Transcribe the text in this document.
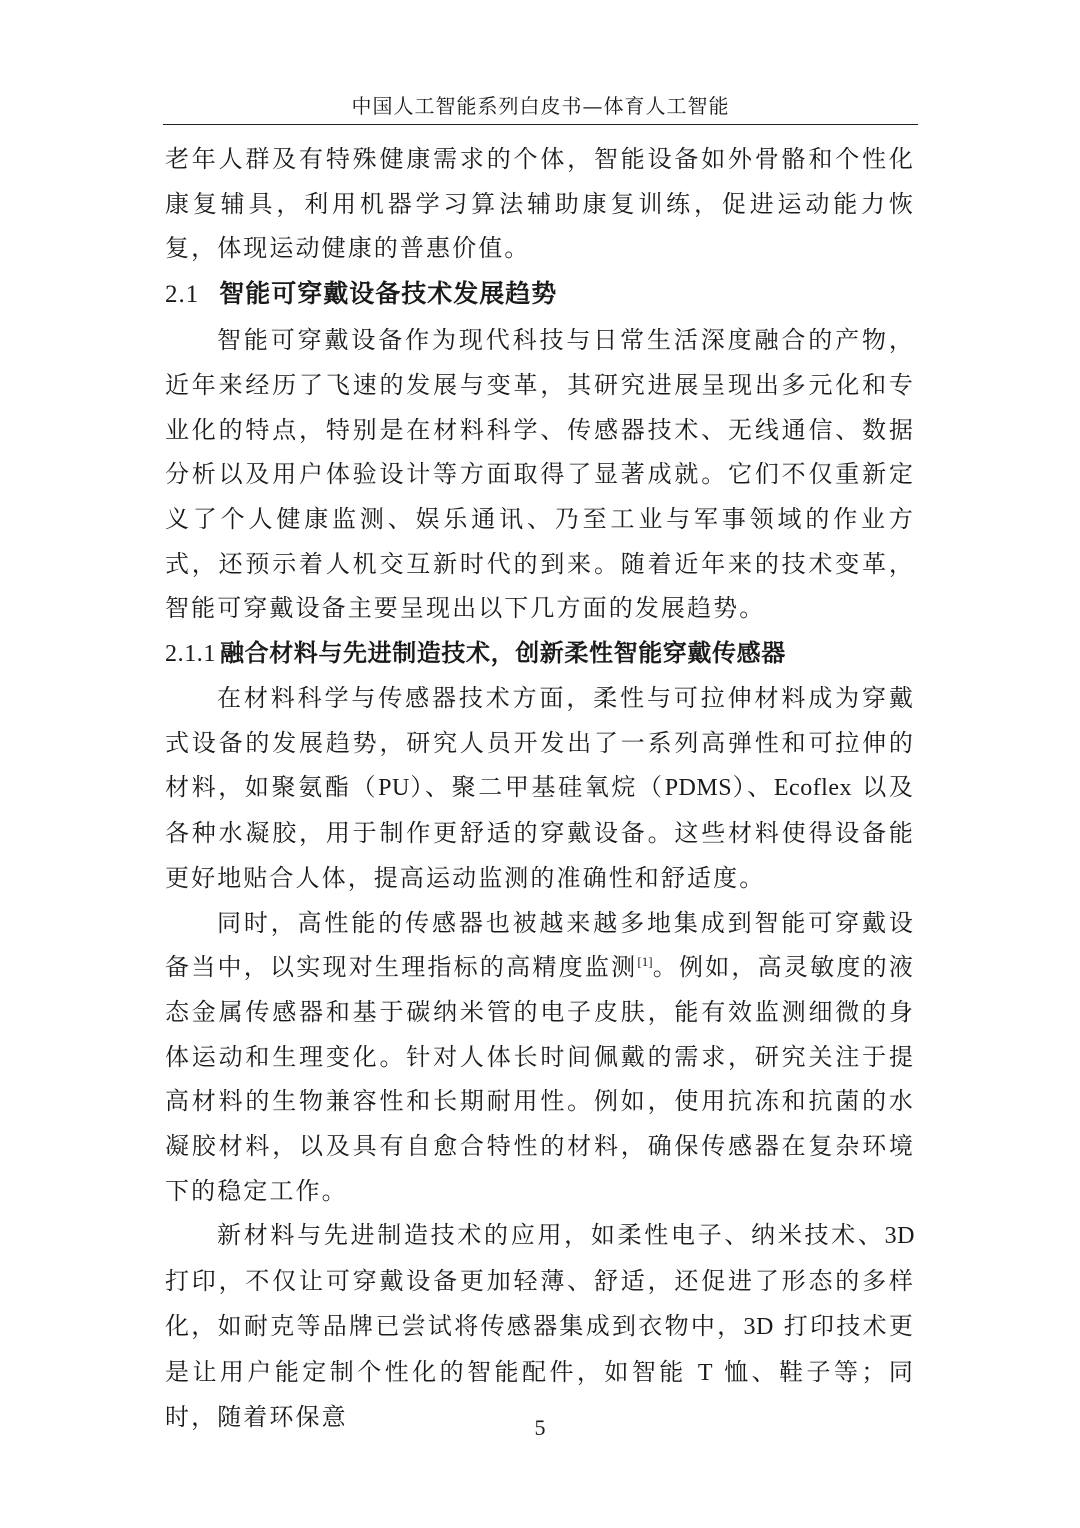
中国人工智能系列白皮书—体育人工智能

老年人群及有特殊健康需求的个体，智能设备如外骨骼和个性化康复辅具，利用机器学习算法辅助康复训练，促进运动能力恢复，体现运动健康的普惠价值。

2.1 智能可穿戴设备技术发展趋势

智能可穿戴设备作为现代科技与日常生活深度融合的产物，近年来经历了飞速的发展与变革，其研究进展呈现出多元化和专业化的特点，特别是在材料科学、传感器技术、无线通信、数据分析以及用户体验设计等方面取得了显著成就。它们不仅重新定义了个人健康监测、娱乐通讯、乃至工业与军事领域的作业方式，还预示着人机交互新时代的到来。随着近年来的技术变革，智能可穿戴设备主要呈现出以下几方面的发展趋势。

2.1.1 融合材料与先进制造技术，创新柔性智能穿戴传感器

在材料科学与传感器技术方面，柔性与可拉伸材料成为穿戴式设备的发展趋势，研究人员开发出了一系列高弹性和可拉伸的材料，如聚氨酯（PU）、聚二甲基硅氧烷（PDMS）、Ecoflex 以及各种水凝胶，用于制作更舒适的穿戴设备。这些材料使得设备能更好地贴合人体，提高运动监测的准确性和舒适度。

同时，高性能的传感器也被越来越多地集成到智能可穿戴设备当中，以实现对生理指标的高精度监测[1]。例如，高灵敏度的液态金属传感器和基于碳纳米管的电子皮肤，能有效监测细微的身体运动和生理变化。针对人体长时间佩戴的需求，研究关注于提高材料的生物兼容性和长期耐用性。例如，使用抗冻和抗菌的水凝胶材料，以及具有自愈合特性的材料，确保传感器在复杂环境下的稳定工作。

新材料与先进制造技术的应用，如柔性电子、纳米技术、3D 打印，不仅让可穿戴设备更加轻薄、舒适，还促进了形态的多样化，如耐克等品牌已尝试将传感器集成到衣物中，3D 打印技术更是让用户能定制个性化的智能配件，如智能 T 恤、鞋子等；同时，随着环保意	5
